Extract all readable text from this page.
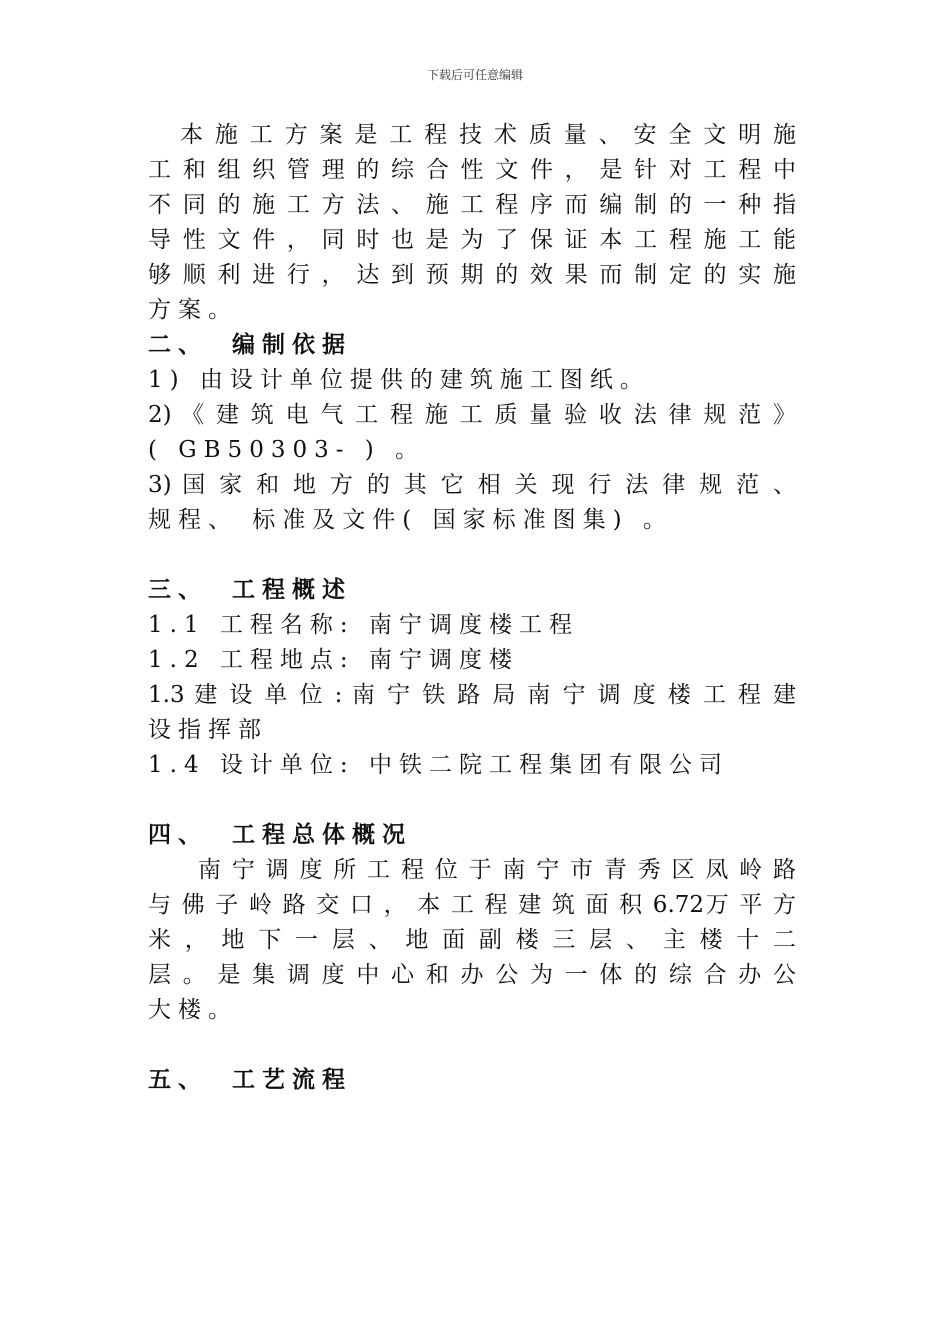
下载后可任意编辑
本 施 工 方 案 是 工 程 技 术 质 量 、 安 全 文 明 施
工 和 组 织 管 理 的 综 合 性 文 件 ， 是 针 对 工 程 中
不 同 的 施 工 方 法 、 施 工 程 序 而 编 制 的 一 种 指
导 性 文 件 ， 同 时 也 是 为 了 保 证 本 工 程 施 工 能
够 顺 利 进 行 ， 达 到 预 期 的 效 果 而 制 定 的 实 施
方案。
二、 编制依据
1) 由设计单位提供的建筑施工图纸。
2) 《 建 筑 电 气 工 程 施 工 质 量 验 收 法 律 规 范 》
( GB50303- ) 。
3) 国 家 和 地 方 的 其 它 相 关 现 行 法 律 规 范 、
规程、 标准及文件( 国家标准图集) 。
三、 工程概述
1.1 工程名称: 南宁调度楼工程
1.2 工程地点: 南宁调度楼
1.3 建 设 单 位 : 南 宁 铁 路 局 南 宁 调 度 楼 工 程 建
设指挥部
1.4 设计单位: 中铁二院工程集团有限公司
四、 工程总体概况
南 宁 调 度 所 工 程 位 于 南 宁 市 青 秀 区 凤 岭 路
与 佛 子 岭 路 交 口 ， 本 工 程 建 筑 面 积 6.72万 平 方
米 ， 地 下 一 层 、 地 面 副 楼 三 层 、 主 楼 十 二
层 。 是 集 调 度 中 心 和 办 公 为 一 体 的 综 合 办 公
大楼。
五、 工艺流程
